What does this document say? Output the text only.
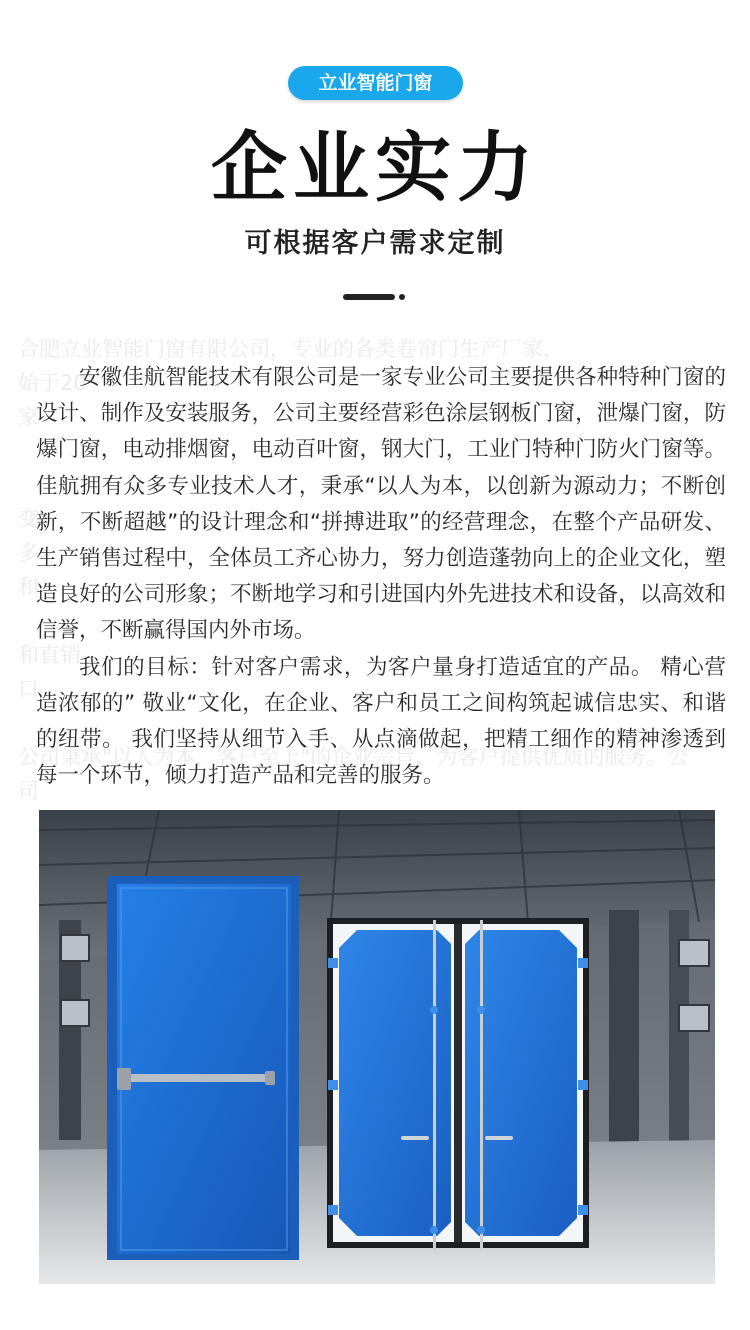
立业智能门窗
企业实力
可根据客户需求定制
合肥立业智能门窗有限公司，专业的各类卷帘门生产厂家，
始于20
家
变
多
和
和直销
口
公司秉承"以人为本，客户至上"的企业宗旨，为客户提供优质的服务。公
司

安徽佳航智能技术有限公司是一家专业公司主要提供各种特种门窗的设计、制作及安装服务，公司主要经营彩色涂层钢板门窗，泄爆门窗，防爆门窗，电动排烟窗，电动百叶窗，钢大门，工业门特种门防火门窗等。 佳航拥有众多专业技术人才，秉承“以人为本，以创新为源动力；不断创新，不断超越”的设计理念和“拼搏进取”的经营理念，在整个产品研发、生产销售过程中，全体员工齐心协力，努力创造蓬勃向上的企业文化，塑造良好的公司形象；不断地学习和引进国内外先进技术和设备，以高效和信誉，不断赢得国内外市场。

我们的目标：针对客户需求，为客户量身打造适宜的产品。 精心营造浓郁的” 敬业“文化，在企业、客户和员工之间构筑起诚信忠实、和谐的纽带。 我们坚持从细节入手、从点滴做起，把精工细作的精神渗透到每一个环节，倾力打造产品和完善的服务。
